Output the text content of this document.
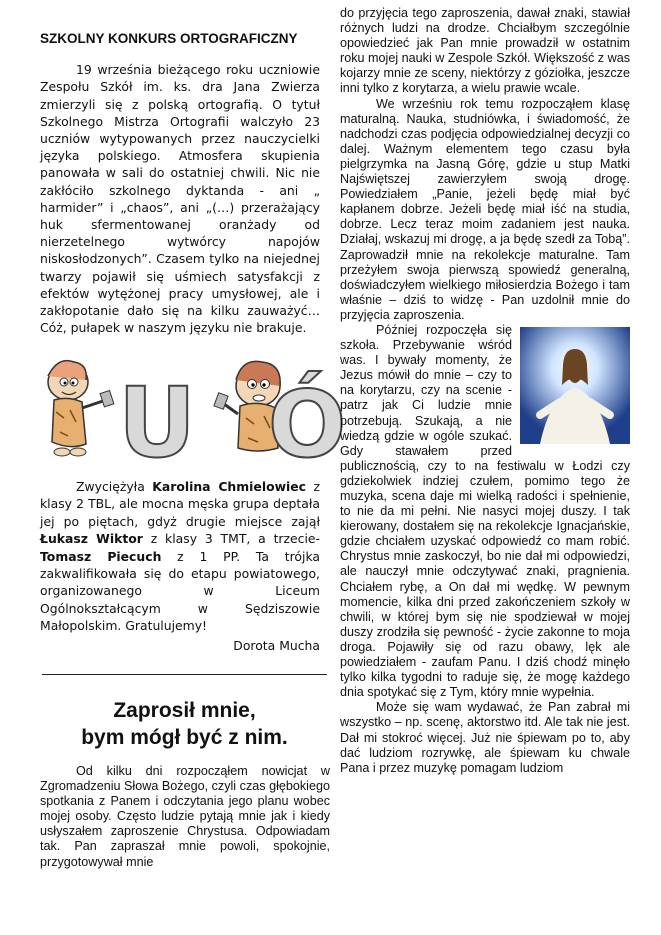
SZKOLNY KONKURS ORTOGRAFICZNY

19 września bieżącego roku uczniowie Zespołu Szkół im. ks. dra Jana Zwierza zmierzyli się z polską ortografią. O tytuł Szkolnego Mistrza Ortografii walczyło 23 uczniów wytypowanych przez nauczycielki języka polskiego. Atmosfera skupienia panowała w sali do ostatniej chwili. Nic nie zakłóciło szkolnego dyktanda - ani „ harmider” i „chaos”, ani „(…) przerażający huk sfermentowanej oranżady od nierzetelnego wytwórcy napojów niskosłodzonych”. Czasem tylko na niejednej twarzy pojawił się uśmiech satysfakcji z efektów wytężonej pracy umysłowej, ale i zakłopotanie dało się na kilku zauważyć… Cóż, pułapek w naszym języku nie brakuje.

U Ó

Zwyciężyła Karolina Chmielowiec z klasy 2 TBL, ale mocna męska grupa deptała jej po piętach, gdyż drugie miejsce zajął Łukasz Wiktor z klasy 3 TMT, a trzecie- Tomasz Piecuch z 1 PP. Ta trójka zakwalifikowała się do etapu powiatowego, organizowanego w Liceum Ogólnokształcącym w Sędziszowie Małopolskim. Gratulujemy!

Dorota Mucha

Zaprosił mnie,
bym mógł być z nim.

Od kilku dni rozpocząłem nowicjat w Zgromadzeniu Słowa Bożego, czyli czas głębokiego spotkania z Panem i odczytania jego planu wobec mojej osoby. Często ludzie pytają mnie jak i kiedy usłyszałem zaproszenie Chrystusa. Odpowiadam tak. Pan zapraszał mnie powoli, spokojnie, przygotowywał mnie

do przyjęcia tego zaproszenia, dawał znaki, stawiał różnych ludzi na drodze. Chciałbym szczególnie opowiedzieć jak Pan mnie prowadził w ostatnim roku mojej nauki w Zespole Szkół. Większość z was kojarzy mnie ze sceny, niektórzy z góziołka, jeszcze inni tylko z korytarza, a wielu prawie wcale.

We wrześniu rok temu rozpocząłem klasę maturalną. Nauka, studniówka, i świadomość, że nadchodzi czas podjęcia odpowiedzialnej decyzji co dalej. Ważnym elementem tego czasu była pielgrzymka na Jasną Górę, gdzie u stup Matki Najświętszej zawierzyłem swoją drogę. Powiedziałem „Panie, jeżeli będę miał być kapłanem dobrze. Jeżeli będę miał iść na studia, dobrze. Lecz teraz moim zadaniem jest nauka. Działaj, wskazuj mi drogę, a ja będę szedł za Tobą”. Zaprowadził mnie na rekolekcje maturalne. Tam przeżyłem swoja pierwszą spowiedź generalną, doświadczyłem wielkiego miłosierdzia Bożego i tam właśnie – dziś to widzę - Pan uzdolnił mnie do przyjęcia zaproszenia.

Później rozpoczęła się szkoła. Przebywanie wśród was. I bywały momenty, że Jezus mówił do mnie – czy to na korytarzu, czy na scenie - patrz jak Ci ludzie mnie potrzebują. Szukają, a nie wiedzą gdzie w ogóle szukać. Gdy stawałem przed publicznością, czy to na festiwalu w Łodzi czy gdziekolwiek indziej czułem, pomimo tego że muzyka, scena daje mi wielką radości i spełnienie, to nie da mi pełni. Nie nasyci mojej duszy. I tak kierowany, dostałem się na rekolekcje Ignacjańskie, gdzie chciałem uzyskać odpowiedź co mam robić. Chrystus mnie zaskoczył, bo nie dał mi odpowiedzi, ale nauczył mnie odczytywać znaki, pragnienia. Chciałem rybę, a On dał mi wędkę. W pewnym momencie, kilka dni przed zakończeniem szkoły w chwili, w której bym się nie spodziewał w mojej duszy zrodziła się pewność - życie zakonne to moja droga. Pojawiły się od razu obawy, lęk ale powiedziałem - zaufam Panu. I dziś chodź minęło tylko kilka tygodni to raduje się, że mogę każdego dnia spotykać się z Tym, który mnie wypełnia.

Może się wam wydawać, że Pan zabrał mi wszystko – np. scenę, aktorstwo itd. Ale tak nie jest. Dał mi stokroć więcej. Już nie śpiewam po to, aby dać ludziom rozrywkę, ale śpiewam ku chwale Pana i przez muzykę pomagam ludziom
